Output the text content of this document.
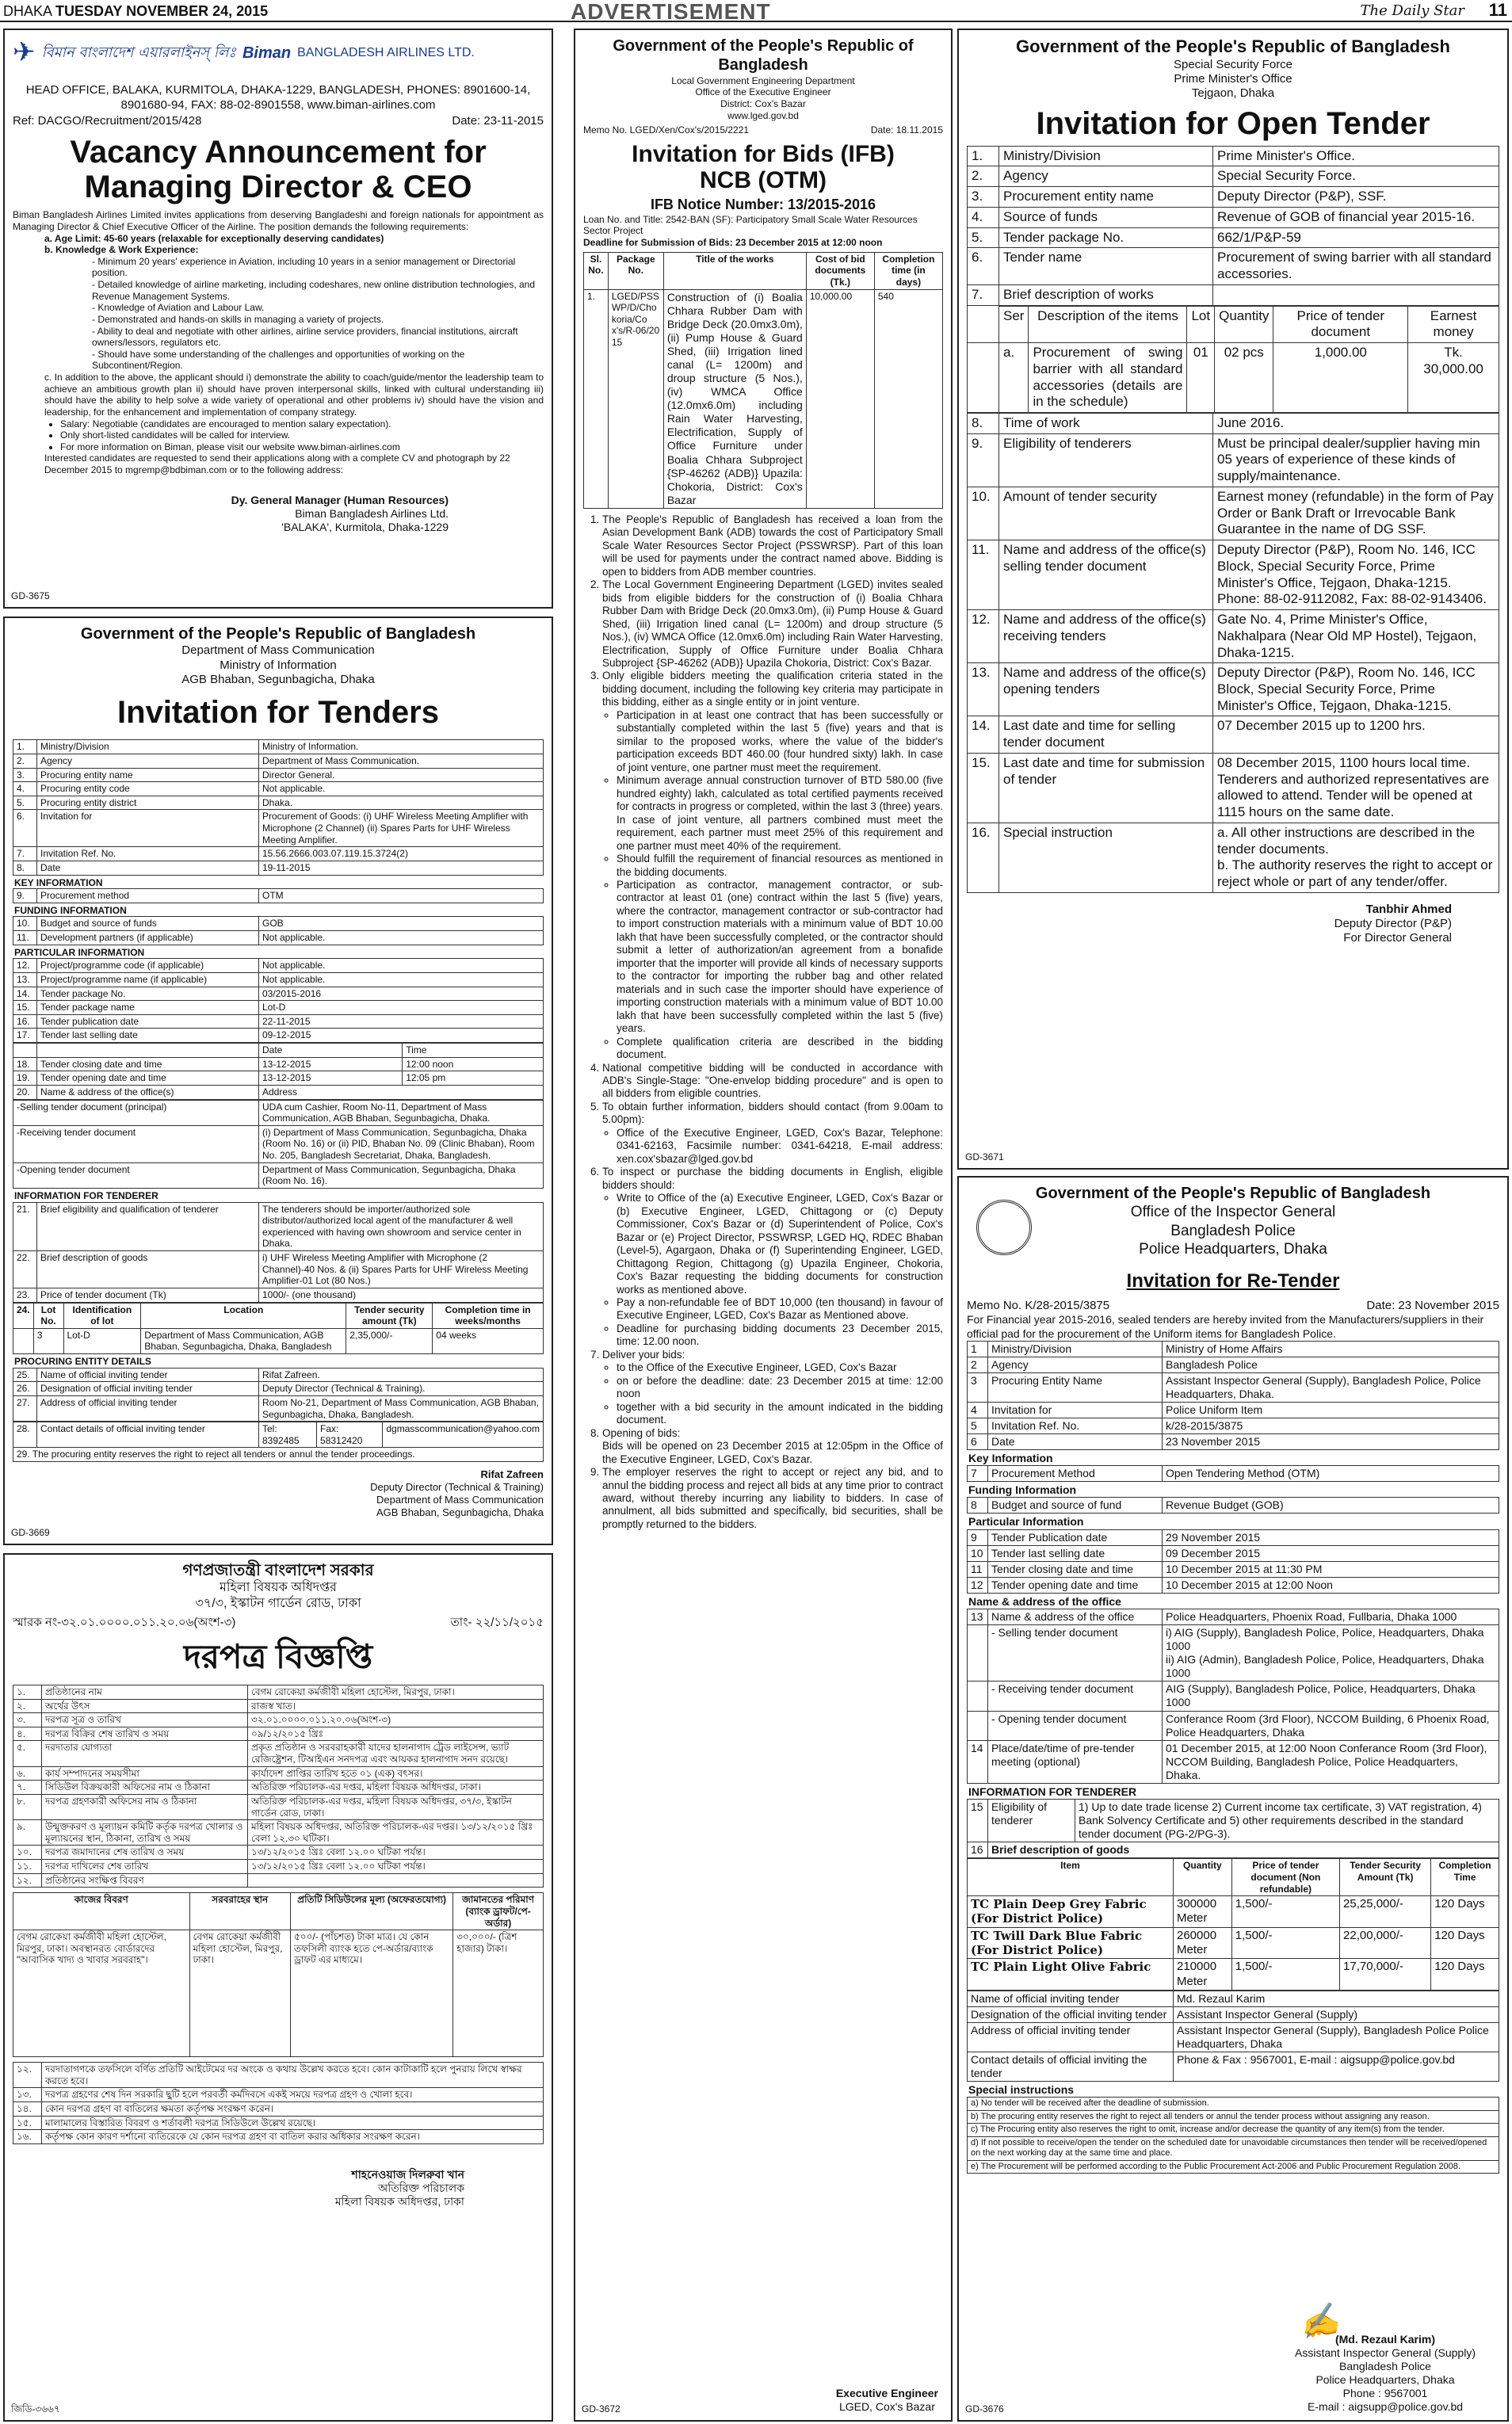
DHAKA TUESDAY NOVEMBER 24, 2015	ADVERTISEMENT	The Daily Star 11
✈ বিমান বাংলাদেশ এয়ারলাইনস্ লিঃ Biman BANGLADESH AIRLINES LTD.
HEAD OFFICE, BALAKA, KURMITOLA, DHAKA-1229, BANGLADESH, PHONES: 8901600-14, 8901680-94, FAX: 88-02-8901558, www.biman-airlines.com
Ref: DACGO/Recruitment/2015/428	Date: 23-11-2015
Vacancy Announcement for Managing Director & CEO
Biman Bangladesh Airlines Limited invites applications from deserving Bangladeshi and foreign nationals for appointment as Managing Director & Chief Executive Officer of the Airline. The position demands the following requirements:
a. Age Limit: 45-60 years (relaxable for exceptionally deserving candidates)
b. Knowledge & Work Experience:
- Minimum 20 years' experience in Aviation, including 10 years in a senior management or Directorial position.
- Detailed knowledge of airline marketing, including codeshares, new online distribution technologies, and Revenue Management Systems.
- Knowledge of Aviation and Labour Law.
- Demonstrated and hands-on skills in managing a variety of projects.
- Ability to deal and negotiate with other airlines, airline service providers, financial institutions, aircraft owners/lessors, regulators etc.
- Should have some understanding of the challenges and opportunities of working on the Subcontinent/Region.
c. In addition to the above, the applicant should i) demonstrate the ability to coach/guide/mentor the leadership team to achieve an ambitious growth plan ii) should have proven interpersonal skills, linked with cultural understanding iii) should have the ability to help solve a wide variety of operational and other problems iv) should have the vision and leadership, for the enhancement and implementation of company strategy.
• Salary: Negotiable (candidates are encouraged to mention salary expectation).
• Only short-listed candidates will be called for interview.
• For more information on Biman, please visit our website www.biman-airlines.com
Interested candidates are requested to send their applications along with a complete CV and photograph by 22 December 2015 to mgremp@bdbiman.com or to the following address:
Dy. General Manager (Human Resources)
Biman Bangladesh Airlines Ltd.
'BALAKA', Kurmitola, Dhaka-1229
GD-3675
Government of the People's Republic of Bangladesh
Department of Mass Communication
Ministry of Information
AGB Bhaban, Segunbagicha, Dhaka
Invitation for Tenders
1.	Ministry/Division	Ministry of Information.
2.	Agency	Department of Mass Communication.
3.	Procuring entity name	Director General.
4.	Procuring entity code	Not applicable.
5.	Procuring entity district	Dhaka.
6.	Invitation for	Procurement of Goods: (i) UHF Wireless Meeting Amplifier with Microphone (2 Channel) (ii) Spares Parts for UHF Wireless Meeting Amplifier.
7.	Invitation Ref. No.	15.56.2666.003.07.119.15.3724(2)
8.	Date	19-11-2015
KEY INFORMATION
9.	Procurement method	OTM
FUNDING INFORMATION
10.	Budget and source of funds	GOB
11.	Development partners (if applicable)	Not applicable.
PARTICULAR INFORMATION
12.	Project/programme code (if applicable)	Not applicable.
13.	Project/programme name (if applicable)	Not applicable.
14.	Tender package No.	03/2015-2016
15.	Tender package name	Lot-D
16.	Tender publication date	22-11-2015
17.	Tender last selling date	09-12-2015
		Date	Time
18.	Tender closing date and time	13-12-2015	12:00 noon
19.	Tender opening date and time	13-12-2015	12:05 pm
20.	Name & address of the office(s)	Address	
-Selling tender document (principal)	UDA cum Cashier, Room No-11, Department of Mass Communication, AGB Bhaban, Segunbagicha, Dhaka.
-Receiving tender document	(i) Department of Mass Communication, Segunbagicha, Dhaka (Room No. 16) or (ii) PID, Bhaban No. 09 (Clinic Bhaban), Room No. 205, Bangladesh Secretariat, Dhaka, Bangladesh.
-Opening tender document	Department of Mass Communication, Segunbagicha, Dhaka (Room No. 16).
INFORMATION FOR TENDERER
21.	Brief eligibility and qualification of tenderer	The tenderers should be importer/authorized sole distributor/authorized local agent of the manufacturer & well experienced with having own showroom and service center in Dhaka.
22.	Brief description of goods	i) UHF Wireless Meeting Amplifier with Microphone (2 Channel)-40 Nos. & (ii) Spares Parts for UHF Wireless Meeting Amplifier-01 Lot (80 Nos.)
23.	Price of tender document (Tk)	1000/- (one thousand)
24.	Lot No.	Identification of lot	Location	Tender security amount (Tk)	Completion time in weeks/months
	3	Lot-D	Department of Mass Communication, AGB Bhaban, Segunbagicha, Dhaka, Bangladesh	2,35,000/-	04 weeks
PROCURING ENTITY DETAILS
25.	Name of official inviting tender	Rifat Zafreen.
26.	Designation of official inviting tender	Deputy Director (Technical & Training).
27.	Address of official inviting tender	Room No-21, Department of Mass Communication, AGB Bhaban, Segunbagicha, Dhaka, Bangladesh.
28.	Contact details of official inviting tender	Tel: 8392485	Fax: 58312420	dgmasscommunication@yahoo.com
29. The procuring entity reserves the right to reject all tenders or annul the tender proceedings.
Rifat Zafreen
Deputy Director (Technical & Training)
Department of Mass Communication
AGB Bhaban, Segunbagicha, Dhaka
GD-3669
গণপ্রজাতন্ত্রী বাংলাদেশ সরকার
মহিলা বিষয়ক অধিদপ্তর
৩৭/৩, ইস্কাটন গার্ডেন রোড, ঢাকা
স্মারক নং-৩২.০১.০০০০.০১১.২০.০৬(অংশ-৩)	তাং- ২২/১১/২০১৫
দরপত্র বিজ্ঞপ্তি
১.	প্রতিষ্ঠানের নাম	বেগম রোকেয়া কর্মজীবী মহিলা হোস্টেল, মিরপুর, ঢাকা।
২.	অর্থের উৎস	রাজস্ব খাত।
৩.	দরপত্র সূত্র ও তারিখ	৩২.০১.০০০০.০১১.২০.০৬(অংশ-৩)
৪.	দরপত্র বিক্রির শেষ তারিখ ও সময়	০৯/১২/২০১৫ খ্রিঃ
৫.	দরদাতার যোগ্যতা	প্রকৃত প্রতিষ্ঠান ও সরবরাহকারী যাদের হালনাগাদ ট্রেড লাইসেন্স, ভ্যাট রেজিষ্ট্রেশন, টিআইএন সনদপত্র এবং আয়কর হালনাগাদ সনদ রয়েছে।
৬.	কার্য সম্পাদনের সময়সীমা	কার্যাদেশ প্রাপ্তির তারিখ হতে ০১ (এক) বৎসর।
৭.	সিডিউল বিক্রয়কারী অফিসের নাম ও ঠিকানা	অতিরিক্ত পরিচালক-এর দপ্তর, মহিলা বিষয়ক অধিদপ্তর, ঢাকা।
৮.	দরপত্র গ্রহণকারী অফিসের নাম ও ঠিকানা	অতিরিক্ত পরিচালক-এর দপ্তর, মহিলা বিষয়ক অধিদপ্তর, ৩৭/৩, ইস্কাটন গার্ডেন রোড, ঢাকা।
৯.	উন্মুক্তকরণ ও মূল্যায়ন কমিটি কর্তৃক দরপত্র খোলার ও মূল্যায়নের স্থান, ঠিকানা, তারিখ ও সময়	মহিলা বিষয়ক অধিদপ্তর, অতিরিক্ত পরিচালক-এর দপ্তর। ১৩/১২/২০১৫ খ্রিঃ বেলা ১২.৩০ ঘটিকা।
১০.	দরপত্র জমাদানের শেষ তারিখ ও সময়	১৩/১২/২০১৫ খ্রিঃ বেলা ১২.০০ ঘটিকা পর্যন্ত।
১১.	দরপত্র দাখিলের শেষ তারিখ	১৩/১২/২০১৫ খ্রিঃ বেলা ১২.০০ ঘটিকা পর্যন্ত।
১২.	প্রতিষ্ঠানের সংক্ষিপ্ত বিবরণ	
কাজের বিবরণ	সরবরাহের স্থান	প্রতিটি সিডিউলের মূল্য (অফেরতযোগ্য)	জামানতের পরিমাণ (ব্যাংক ড্রাফট/পে-অর্ডার)
বেগম রোকেয়া কর্মজীবী মহিলা হোস্টেল, মিরপুর, ঢাকা। অবস্থানরত বোর্ডারদের "আবাসিক খাদ্য ও খাবার সরবরাহ"।	বেগম রোকেয়া কর্মজীবী মহিলা হোস্টেল, মিরপুর, ঢাকা।	৫০০/- (পাঁচশত) টাকা মাত্র। যে কোন তফসিলী ব্যাংক হতে পে-অর্ডার/ব্যাংক ড্রাফট এর মাধ্যমে।	৩০,০০০/- (ত্রিশ হাজার) টাকা।
১২.	দরদাতাগণকে তফসিলে বর্ণিত প্রতিটি আইটেমের দর অংকে ও কথায় উল্লেখ করতে হবে। কোন কাটাকাটি হলে পুনরায় লিখে স্বাক্ষর করতে হবে।
১৩.	দরপত্র গ্রহণের শেষ দিন সরকারি ছুটি হলে পরবর্তী কর্মদিবসে একই সময়ে দরপত্র গ্রহণ ও খোলা হবে।
১৪.	কোন দরপত্র গ্রহণ বা বাতিলের ক্ষমতা কর্তৃপক্ষ সংরক্ষণ করেন।
১৫.	মালামালের বিস্তারিত বিবরণ ও শর্তাবলী দরপত্র সিডিউলে উল্লেখ রয়েছে।
১৬.	কর্তৃপক্ষ কোন কারণ দর্শানো ব্যতিরেকে যে কোন দরপত্র গ্রহণ বা বাতিল করার অধিকার সংরক্ষণ করেন।
শাহনেওয়াজ দিলরুবা খান
অতিরিক্ত পরিচালক
মহিলা বিষয়ক অধিদপ্তর, ঢাকা
জিডি-৩৬৬৭
Government of the People's Republic of Bangladesh
Local Government Engineering Department
Office of the Executive Engineer
District: Cox's Bazar
www.lged.gov.bd
Memo No. LGED/Xen/Cox's/2015/2221	Date: 18.11.2015
Invitation for Bids (IFB)
NCB (OTM)
IFB Notice Number: 13/2015-2016
Loan No. and Title: 2542-BAN (SF): Participatory Small Scale Water Resources Sector Project
Deadline for Submission of Bids: 23 December 2015 at 12:00 noon
Sl. No.	Package No.	Title of the works	Cost of bid documents (Tk.)	Completion time (in days)
1.	LGED/PSSWP/D/Chokoria/Cox's/R-06/2015	Construction of (i) Boalia Chhara Rubber Dam with Bridge Deck (20.0mx3.0m), (ii) Pump House & Guard Shed, (iii) Irrigation lined canal (L= 1200m) and droup structure (5 Nos.), (iv) WMCA Office (12.0mx6.0m) including Rain Water Harvesting, Electrification, Supply of Office Furniture under Boalia Chhara Subproject {SP-46262 (ADB)} Upazila: Chokoria, District: Cox's Bazar	10,000.00	540
1. The People's Republic of Bangladesh has received a loan from the Asian Development Bank (ADB) towards the cost of Participatory Small Scale Water Resources Sector Project (PSSWRSP). Part of this loan will be used for payments under the contract named above. Bidding is open to bidders from ADB member countries.
2. The Local Government Engineering Department (LGED) invites sealed bids from eligible bidders for the construction of (i) Boalia Chhara Rubber Dam with Bridge Deck (20.0mx3.0m), (ii) Pump House & Guard Shed, (iii) Irrigation lined canal (L= 1200m) and droup structure (5 Nos.), (iv) WMCA Office (12.0mx6.0m) including Rain Water Harvesting, Electrification, Supply of Office Furniture under Boalia Chhara Subproject {SP-46262 (ADB)} Upazila Chokoria, District: Cox's Bazar.
3. Only eligible bidders meeting the qualification criteria stated in the bidding document, including the following key criteria may participate in this bidding, either as a single entity or in joint venture.
◦ Participation in at least one contract that has been successfully or substantially completed within the last 5 (five) years and that is similar to the proposed works, where the value of the bidder's participation exceeds BDT 460.00 (four hundred sixty) lakh. In case of joint venture, one partner must meet the requirement.
◦ Minimum average annual construction turnover of BTD 580.00 (five hundred eighty) lakh, calculated as total certified payments received for contracts in progress or completed, within the last 3 (three) years. In case of joint venture, all partners combined must meet the requirement, each partner must meet 25% of this requirement and one partner must meet 40% of the requirement.
◦ Should fulfill the requirement of financial resources as mentioned in the bidding documents.
◦ Participation as contractor, management contractor, or sub-contractor at least 01 (one) contract within the last 5 (five) years, where the contractor, management contractor or sub-contractor had to import construction materials with a minimum value of BDT 10.00 lakh that have been successfully completed, or the contractor should submit a letter of authorization/an agreement from a bonafide importer that the importer will provide all kinds of necessary supports to the contractor for importing the rubber bag and other related materials and in such case the importer should have experience of importing construction materials with a minimum value of BDT 10.00 lakh that have been successfully completed within the last 5 (five) years.
◦ Complete qualification criteria are described in the bidding document.
4. National competitive bidding will be conducted in accordance with ADB's Single-Stage: "One-envelop bidding procedure" and is open to all bidders from eligible countries.
5. To obtain further information, bidders should contact (from 9.00am to 5.00pm):
◦ Office of the Executive Engineer, LGED, Cox's Bazar, Telephone: 0341-62163, Facsimile number: 0341-64218, E-mail address: xen.cox'sbazar@lged.gov.bd
6. To inspect or purchase the bidding documents in English, eligible bidders should:
◦ Write to Office of the (a) Executive Engineer, LGED, Cox's Bazar or (b) Executive Engineer, LGED, Chittagong or (c) Deputy Commissioner, Cox's Bazar or (d) Superintendent of Police, Cox's Bazar or (e) Project Director, PSSWRSP, LGED HQ, RDEC Bhaban (Level-5), Agargaon, Dhaka or (f) Superintending Engineer, LGED, Chittagong Region, Chittagong (g) Upazila Engineer, Chokoria, Cox's Bazar requesting the bidding documents for construction works as mentioned above.
◦ Pay a non-refundable fee of BDT 10,000 (ten thousand) in favour of Executive Engineer, LGED, Cox's Bazar as Mentioned above.
◦ Deadline for purchasing bidding documents 23 December 2015, time: 12.00 noon.
7. Deliver your bids:
◦ to the Office of the Executive Engineer, LGED, Cox's Bazar
◦ on or before the deadline: date: 23 December 2015 at time: 12:00 noon
◦ together with a bid security in the amount indicated in the bidding document.
8. Opening of bids:
Bids will be opened on 23 December 2015 at 12:05pm in the Office of the Executive Engineer, LGED, Cox's Bazar.
9. The employer reserves the right to accept or reject any bid, and to annul the bidding process and reject all bids at any time prior to contract award, without thereby incurring any liability to bidders. In case of annulment, all bids submitted and specifically, bid securities, shall be promptly returned to the bidders.
Executive Engineer
LGED, Cox's Bazar
GD-3672
Government of the People's Republic of Bangladesh
Special Security Force
Prime Minister's Office
Tejgaon, Dhaka
Invitation for Open Tender
1.	Ministry/Division	Prime Minister's Office.
2.	Agency	Special Security Force.
3.	Procurement entity name	Deputy Director (P&P), SSF.
4.	Source of funds	Revenue of GOB of financial year 2015-16.
5.	Tender package No.	662/1/P&P-59
6.	Tender name	Procurement of swing barrier with all standard accessories.
7.	Brief description of works	
	Ser	Description of the items	Lot	Quantity	Price of tender document	Earnest money
	a.	Procurement of swing barrier with all standard accessories (details are in the schedule)	01	02 pcs	1,000.00	Tk. 30,000.00
8.	Time of work	June 2016.
9.	Eligibility of tenderers	Must be principal dealer/supplier having min 05 years of experience of these kinds of supply/maintenance.
10.	Amount of tender security	Earnest money (refundable) in the form of Pay Order or Bank Draft or Irrevocable Bank Guarantee in the name of DG SSF.
11.	Name and address of the office(s) selling tender document	Deputy Director (P&P), Room No. 146, ICC Block, Special Security Force, Prime Minister's Office, Tejgaon, Dhaka-1215. Phone: 88-02-9112082, Fax: 88-02-9143406.
12.	Name and address of the office(s) receiving tenders	Gate No. 4, Prime Minister's Office, Nakhalpara (Near Old MP Hostel), Tejgaon, Dhaka-1215.
13.	Name and address of the office(s) opening tenders	Deputy Director (P&P), Room No. 146, ICC Block, Special Security Force, Prime Minister's Office, Tejgaon, Dhaka-1215.
14.	Last date and time for selling tender document	07 December 2015 up to 1200 hrs.
15.	Last date and time for submission of tender	08 December 2015, 1100 hours local time. Tenderers and authorized representatives are allowed to attend. Tender will be opened at 1115 hours on the same date.
16.	Special instruction	a. All other instructions are described in the tender documents.
b. The authority reserves the right to accept or reject whole or part of any tender/offer.
Tanbhir Ahmed
Deputy Director (P&P)
For Director General
GD-3671
Government of the People's Republic of Bangladesh
Office of the Inspector General
Bangladesh Police
Police Headquarters, Dhaka
Invitation for Re-Tender
Memo No. K/28-2015/3875	Date: 23 November 2015
For Financial year 2015-2016, sealed tenders are hereby invited from the Manufacturers/suppliers in their official pad for the procurement of the Uniform items for Bangladesh Police.
1	Ministry/Division	Ministry of Home Affairs
2	Agency	Bangladesh Police
3	Procuring Entity Name	Assistant Inspector General (Supply), Bangladesh Police, Police Headquarters, Dhaka.
4	Invitation for	Police Uniform Item
5	Invitation Ref. No.	k/28-2015/3875
6	Date	23 November 2015
Key Information
7	Procurement Method	Open Tendering Method (OTM)
Funding Information
8	Budget and source of fund	Revenue Budget (GOB)
Particular Information
9	Tender Publication date	29 November 2015
10	Tender last selling date	09 December 2015
11	Tender closing date and time	10 December 2015 at 11:30 PM
12	Tender opening date and time	10 December 2015 at 12:00 Noon
Name & address of the office
13	Name & address of the office	Police Headquarters, Phoenix Road, Fullbaria, Dhaka 1000
	- Selling tender document	i) AIG (Supply), Bangladesh Police, Police, Headquarters, Dhaka 1000
ii) AIG (Admin), Bangladesh Police, Police, Headquarters, Dhaka 1000
	- Receiving tender document	AIG (Supply), Bangladesh Police, Police, Headquarters, Dhaka 1000
	- Opening tender document	Conferance Room (3rd Floor), NCCOM Building, 6 Phoenix Road, Police Headquarters, Dhaka
14	Place/date/time of pre-tender meeting (optional)	01 December 2015, at 12:00 Noon Conferance Room (3rd Floor), NCCOM Building, Bangladesh Police, Police Headquarters, Dhaka.
INFORMATION FOR TENDERER
15	Eligibility of tenderer	1) Up to date trade license 2) Current income tax certificate, 3) VAT registration, 4) Bank Solvency Certificate and 5) other requirements described in the standard tender document (PG-2/PG-3).
16	Brief description of goods	
Item	Quantity	Price of tender document (Non refundable)	Tender Security Amount (Tk)	Completion Time
TC Plain Deep Grey Fabric (For District Police)	300000 Meter	1,500/-	25,25,000/-	120 Days
TC Twill Dark Blue Fabric (For District Police)	260000 Meter	1,500/-	22,00,000/-	120 Days
TC Plain Light Olive Fabric	210000 Meter	1,500/-	17,70,000/-	120 Days
Name of official inviting tender	Md. Rezaul Karim
Designation of the official inviting tender	Assistant Inspector General (Supply)
Address of official inviting tender	Assistant Inspector General (Supply), Bangladesh Police Police Headquarters, Dhaka
Contact details of official inviting the tender	Phone & Fax : 9567001, E-mail : aigsupp@police.gov.bd
Special instructions
a) No tender will be received after the deadline of submission.
b) The procuring entity reserves the right to reject all tenders or annul the tender process without assigning any reason.
c) The Procuring entity also reserves the right to omit, increase and/or decrease the quantity of any item(s) from the tender.
d) If not possible to receive/open the tender on the scheduled date for unavoidable circumstances then tender will be received/opened on the next working day at the same time and place.
e) The Procurement will be performed according to the Public Procurement Act-2006 and Public Procurement Regulation 2008.
✍
(Md. Rezaul Karim)
Assistant Inspector General (Supply)
Bangladesh Police
Police Headquarters, Dhaka
Phone : 9567001
E-mail : aigsupp@police.gov.bd
GD-3676
